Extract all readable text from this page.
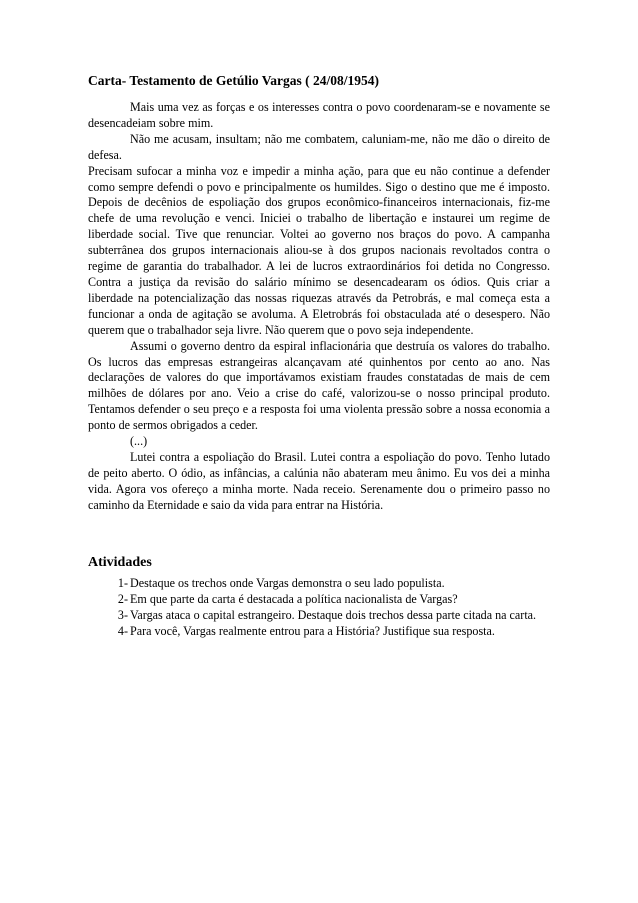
Carta- Testamento de Getúlio Vargas ( 24/08/1954)

Mais uma vez as forças e os interesses contra o povo coordenaram-se e novamente se desencadeiam sobre mim.

Não me acusam, insultam; não me combatem, caluniam-me, não me dão o direito de defesa.

Precisam sufocar a minha voz e impedir a minha ação, para que eu não continue a defender como sempre defendi o povo e principalmente os humildes. Sigo o destino que me é imposto. Depois de decênios de espoliação dos grupos econômico-financeiros internacionais, fiz-me chefe de uma revolução e venci. Iniciei o trabalho de libertação e instaurei um regime de liberdade social. Tive que renunciar. Voltei ao governo nos braços do povo. A campanha subterrânea dos grupos internacionais aliou-se à dos grupos nacionais revoltados contra o regime de garantia do trabalhador. A lei de lucros extraordinários foi detida no Congresso. Contra a justiça da revisão do salário mínimo se desencadearam os ódios. Quis criar a liberdade na potencialização das nossas riquezas através da Petrobrás, e mal começa esta a funcionar a onda de agitação se avoluma. A Eletrobrás foi obstaculada até o desespero. Não querem que o trabalhador seja livre. Não querem que o povo seja independente.

Assumi o governo dentro da espiral inflacionária que destruía os valores do trabalho. Os lucros das empresas estrangeiras alcançavam até quinhentos por cento ao ano. Nas declarações de valores do que importávamos existiam fraudes constatadas de mais de cem milhões de dólares por ano. Veio a crise do café, valorizou-se o nosso principal produto. Tentamos defender o seu preço e a resposta foi uma violenta pressão sobre a nossa economia a ponto de sermos obrigados a ceder.

(...)

Lutei contra a espoliação do Brasil. Lutei contra a espoliação do povo. Tenho lutado de peito aberto. O ódio, as infâncias, a calúnia não abateram meu ânimo. Eu vos dei a minha vida. Agora vos ofereço a minha morte. Nada receio. Serenamente dou o primeiro passo no caminho da Eternidade e saio da vida para entrar na História.

Atividades
1- Destaque os trechos onde Vargas demonstra o seu lado populista.
2- Em que parte da carta é destacada a política nacionalista de Vargas?
3- Vargas ataca o capital estrangeiro. Destaque dois trechos dessa parte citada na carta.
4- Para você, Vargas realmente entrou para a História? Justifique sua resposta.
